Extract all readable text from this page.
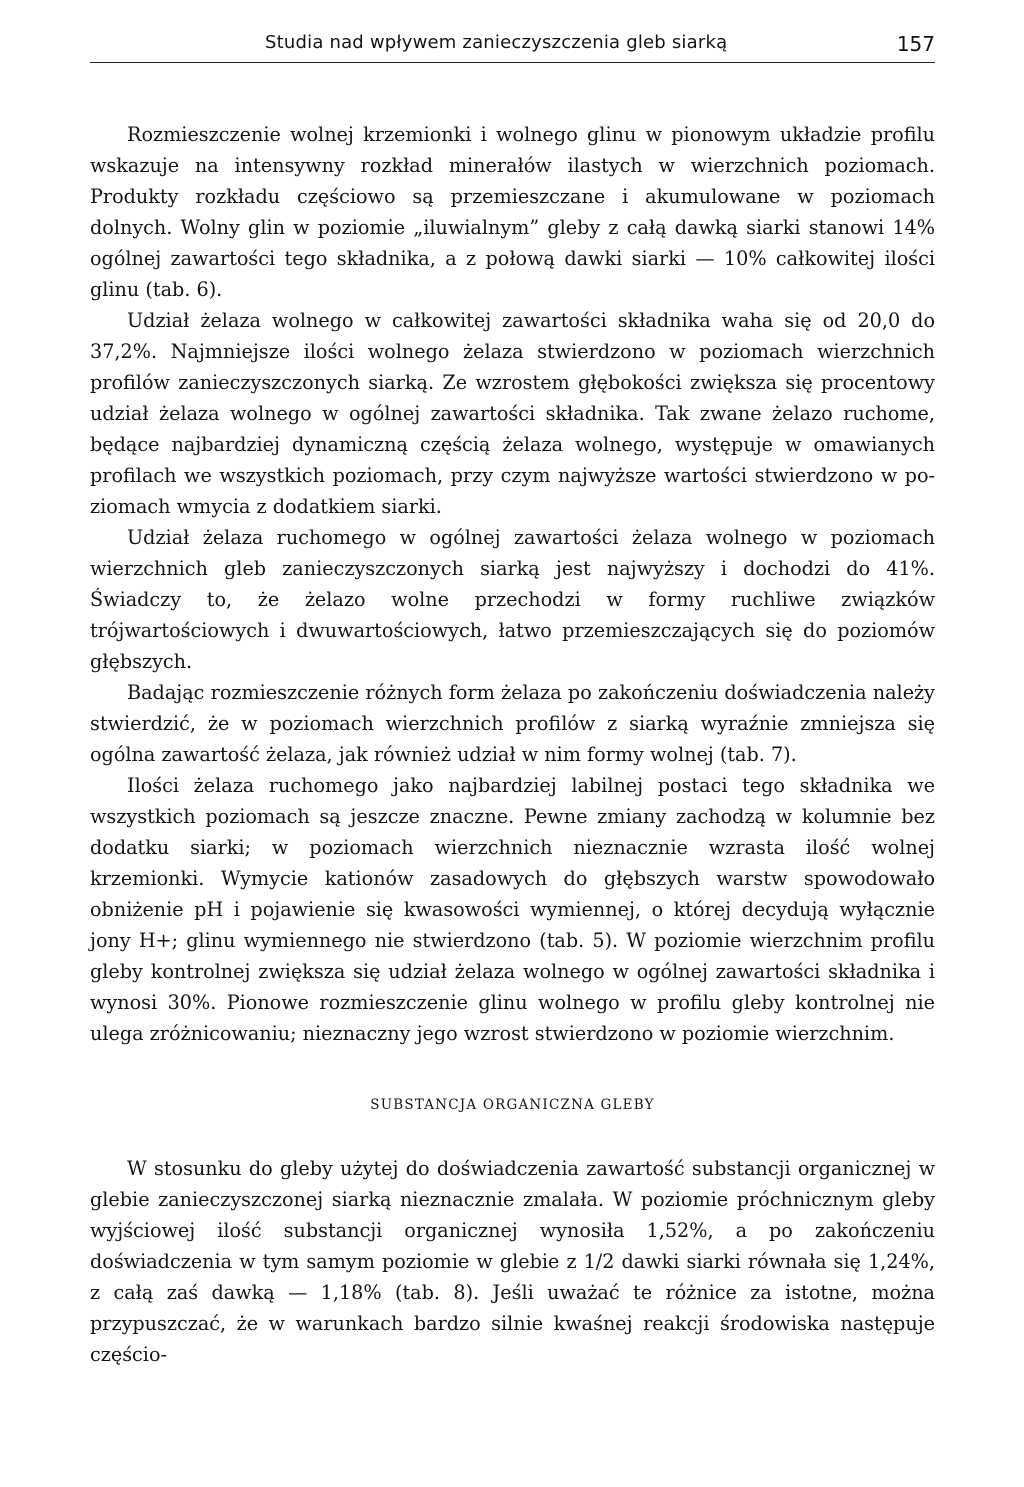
Studia nad wpływem zanieczyszczenia gleb siarką	157

Rozmieszczenie wolnej krzemionki i wolnego glinu w pionowym układzie profilu wskazuje na intensywny rozkład minerałów ilastych w wierzchnich poziomach. Produkty rozkładu częściowo są przemieszczane i akumulowane w poziomach dolnych. Wolny glin w poziomie „iluwialnym” gleby z całą dawką siarki stanowi 14% ogólnej zawartości tego składnika, a z połową dawki siarki — 10% całkowitej ilości glinu (tab. 6).

Udział żelaza wolnego w całkowitej zawartości składnika waha się od 20,0 do 37,2%. Najmniejsze ilości wolnego żelaza stwierdzono w poziomach wierzchnich profilów zanieczyszczonych siarką. Ze wzrostem głębokości zwiększa się procentowy udział żelaza wolnego w ogólnej zawartości składnika. Tak zwane żelazo ruchome, będące najbardziej dynamiczną częścią żelaza wolnego, występuje w omawianych profilach we wszystkich poziomach, przy czym najwyższe wartości stwierdzono w poziomach wmycia z dodatkiem siarki.

Udział żelaza ruchomego w ogólnej zawartości żelaza wolnego w poziomach wierzchnich gleb zanieczyszczonych siarką jest najwyższy i dochodzi do 41%. Świadczy to, że żelazo wolne przechodzi w formy ruchliwe związków trójwartościowych i dwuwartościowych, łatwo przemieszczających się do poziomów głębszych.

Badając rozmieszczenie różnych form żelaza po zakończeniu doświadczenia należy stwierdzić, że w poziomach wierzchnich profilów z siarką wyraźnie zmniejsza się ogólna zawartość żelaza, jak również udział w nim formy wolnej (tab. 7).

Ilości żelaza ruchomego jako najbardziej labilnej postaci tego składnika we wszystkich poziomach są jeszcze znaczne. Pewne zmiany zachodzą w kolumnie bez dodatku siarki; w poziomach wierzchnich nieznacznie wzrasta ilość wolnej krzemionki. Wymycie kationów zasadowych do głębszych warstw spowodowało obniżenie pH i pojawienie się kwasowości wymiennej, o której decydują wyłącznie jony H+; glinu wymiennego nie stwierdzono (tab. 5). W poziomie wierzchnim profilu gleby kontrolnej zwiększa się udział żelaza wolnego w ogólnej zawartości składnika i wynosi 30%. Pionowe rozmieszczenie glinu wolnego w profilu gleby kontrolnej nie ulega zróżnicowaniu; nieznaczny jego wzrost stwierdzono w poziomie wierzchnim.

SUBSTANCJA ORGANICZNA GLEBY

W stosunku do gleby użytej do doświadczenia zawartość substancji organicznej w glebie zanieczyszczonej siarką nieznacznie zmalała. W poziomie próchnicznym gleby wyjściowej ilość substancji organicznej wynosiła 1,52%, a po zakończeniu doświadczenia w tym samym poziomie w glebie z 1/2 dawki siarki równała się 1,24%, z całą zaś dawką — 1,18% (tab. 8). Jeśli uważać te różnice za istotne, można przypuszczać, że w warunkach bardzo silnie kwaśnej reakcji środowiska następuje częścio-
